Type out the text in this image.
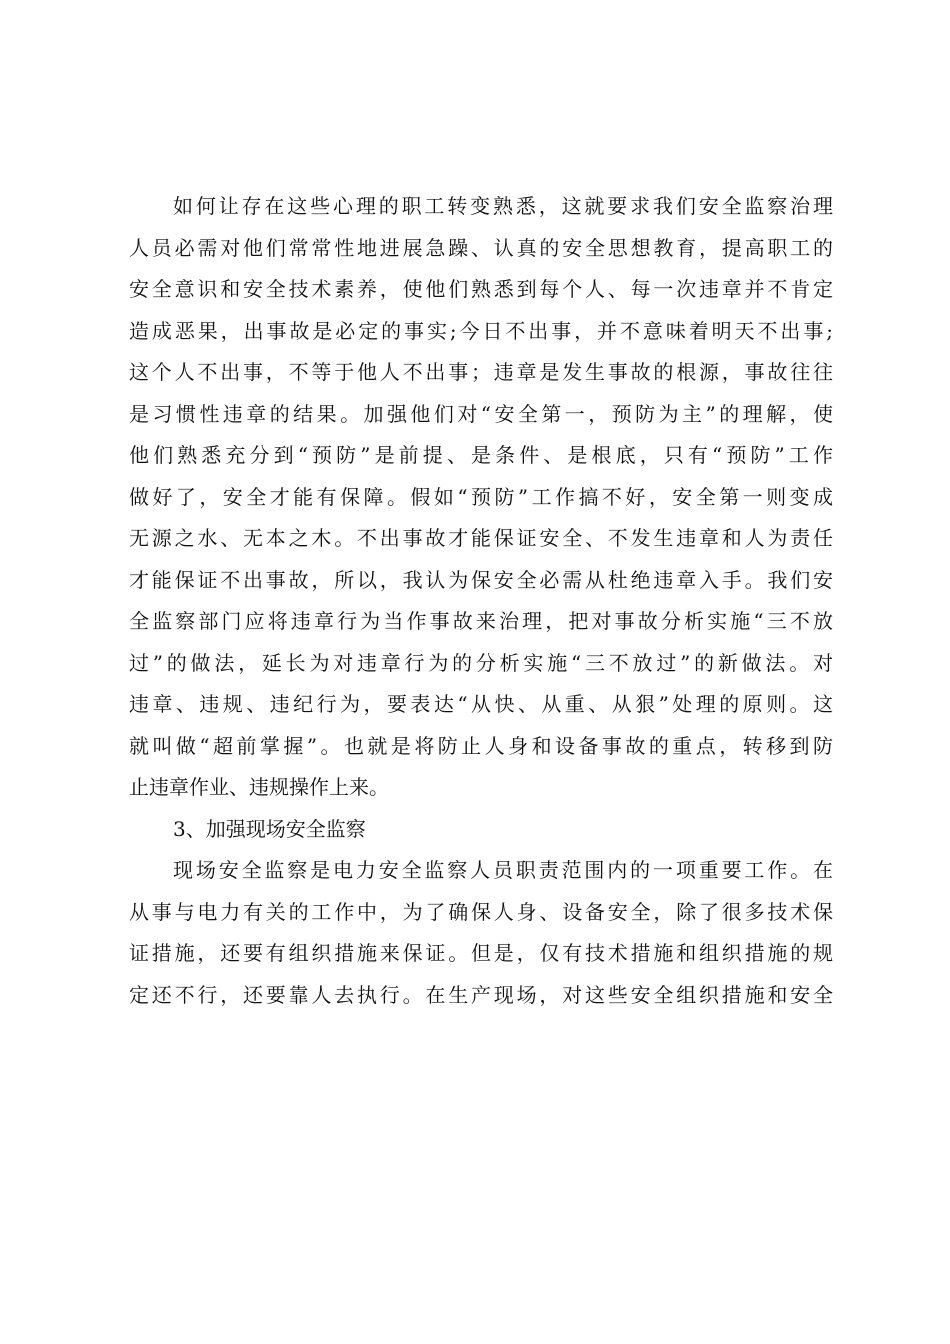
如何让存在这些心理的职工转变熟悉，这就要求我们安全监察治理
人员必需对他们常常性地进展急躁、认真的安全思想教育，提高职工的
安全意识和安全技术素养，使他们熟悉到每个人、每一次违章并不肯定
造成恶果，出事故是必定的事实;今日不出事，并不意味着明天不出事;
这个人不出事，不等于他人不出事；违章是发生事故的根源，事故往往
是习惯性违章的结果。加强他们对“安全第一，预防为主”的理解，使
他们熟悉充分到“预防”是前提、是条件、是根底，只有“预防”工作
做好了，安全才能有保障。假如“预防”工作搞不好，安全第一则变成
无源之水、无本之木。不出事故才能保证安全、不发生违章和人为责任
才能保证不出事故，所以，我认为保安全必需从杜绝违章入手。我们安
全监察部门应将违章行为当作事故来治理，把对事故分析实施“三不放
过”的做法，延长为对违章行为的分析实施“三不放过”的新做法。对
违章、违规、违纪行为，要表达“从快、从重、从狠”处理的原则。这
就叫做“超前掌握”。也就是将防止人身和设备事故的重点，转移到防
止违章作业、违规操作上来。
3、加强现场安全监察
现场安全监察是电力安全监察人员职责范围内的一项重要工作。在
从事与电力有关的工作中，为了确保人身、设备安全，除了很多技术保
证措施，还要有组织措施来保证。但是，仅有技术措施和组织措施的规
定还不行，还要靠人去执行。在生产现场，对这些安全组织措施和安全
